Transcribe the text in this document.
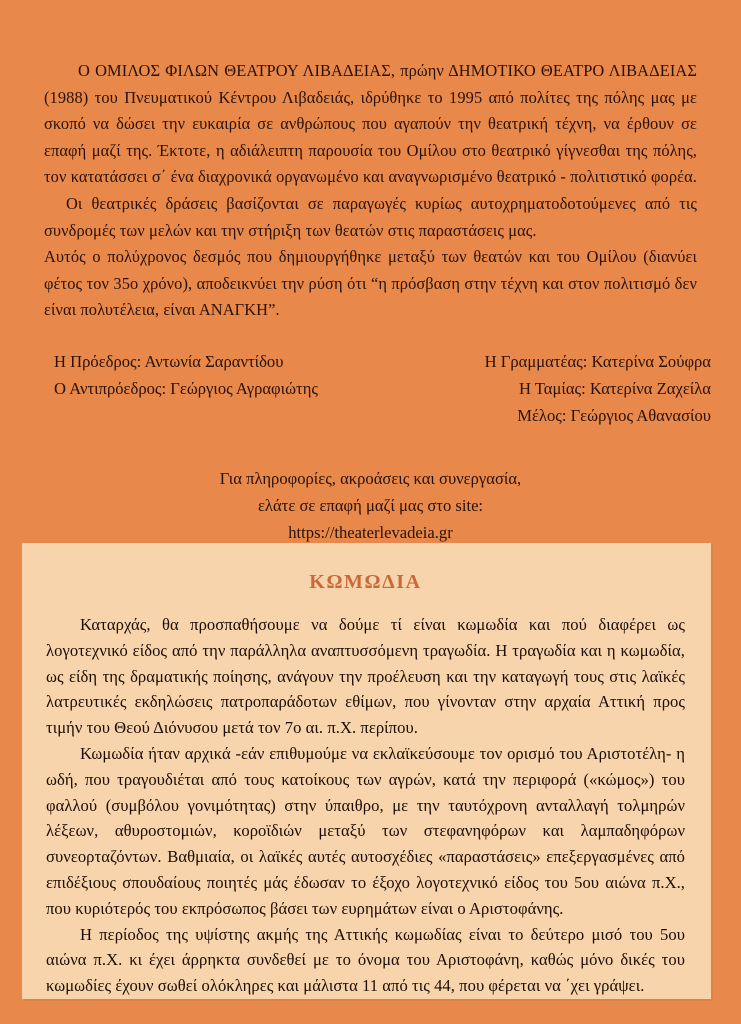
Ο ΟΜΙΛΟΣ ΦΙΛΩΝ ΘΕΑΤΡΟΥ ΛΙΒΑΔΕΙΑΣ, πρώην ΔΗΜΟΤΙΚΟ ΘΕΑΤΡΟ ΛΙΒΑΔΕΙΑΣ (1988) του Πνευματικού Κέντρου Λιβαδειάς, ιδρύθηκε το 1995 από πολίτες της πόλης μας με σκοπό να δώσει την ευκαιρία σε ανθρώπους που αγαπούν την θεατρική τέχνη, να έρθουν σε επαφή μαζί της. Έκτοτε, η αδιάλειπτη παρουσία του Ομίλου στο θεατρικό γίγνεσθαι της πόλης, τον κατατάσσει σ΄ ένα διαχρονικά οργανωμένο και αναγνωρισμένο θεατρικό - πολιτιστικό φορέα.

Οι θεατρικές δράσεις βασίζονται σε παραγωγές κυρίως αυτοχρηματοδοτούμενες από τις συνδρομές των μελών και την στήριξη των θεατών στις παραστάσεις μας.

Αυτός ο πολύχρονος δεσμός που δημιουργήθηκε μεταξύ των θεατών και του Ομίλου (διανύει φέτος τον 35ο χρόνο), αποδεικνύει την ρύση ότι “η πρόσβαση στην τέχνη και στον πολιτισμό δεν είναι πολυτέλεια, είναι ΑΝΑΓΚΗ”.

Η Πρόεδρος: Αντωνία Σαραντίδου
Ο Αντιπρόεδρος: Γεώργιος Αγραφιώτης
Η Γραμματέας: Κατερίνα Σούφρα
Η Ταμίας: Κατερίνα Ζαχείλα
Μέλος: Γεώργιος Αθανασίου
Για πληροφορίες, ακροάσεις και συνεργασία,
ελάτε σε επαφή μαζί μας στο site:
https://theaterlevadeia.gr
ΚΩΜΩΔΙΑ

Καταρχάς, θα προσπαθήσουμε να δούμε τί είναι κωμωδία και πού διαφέρει ως λογοτεχνικό είδος από την παράλληλα αναπτυσσόμενη τραγωδία. Η τραγωδία και η κωμωδία, ως είδη της δραματικής ποίησης, ανάγουν την προέλευση και την καταγωγή τους στις λαϊκές λατρευτικές εκδηλώσεις πατροπαράδοτων εθίμων, που γίνονταν στην αρχαία Αττική προς τιμήν του Θεού Διόνυσου μετά τον 7ο αι. π.Χ. περίπου.

Κωμωδία ήταν αρχικά -εάν επιθυμούμε να εκλαϊκεύσουμε τον ορισμό του Αριστοτέλη- η ωδή, που τραγουδιέται από τους κατοίκους των αγρών, κατά την περιφορά («κώμος») του φαλλού (συμβόλου γονιμότητας) στην ύπαιθρο, με την ταυτόχρονη ανταλλαγή τολμηρών λέξεων, αθυροστομιών, κοροϊδιών μεταξύ των στεφανηφόρων και λαμπαδηφόρων συνεορταζόντων. Βαθμιαία, οι λαϊκές αυτές αυτοσχέδιες «παραστάσεις» επεξεργασμένες από επιδέξιους σπουδαίους ποιητές μάς έδωσαν το έξοχο λογοτεχνικό είδος του 5ου αιώνα π.Χ., που κυριότερός του εκπρόσωπος βάσει των ευρημάτων είναι ο Αριστοφάνης.

Η περίοδος της υψίστης ακμής της Αττικής κωμωδίας είναι το δεύτερο μισό του 5ου αιώνα π.Χ. κι έχει άρρηκτα συνδεθεί με το όνομα του Αριστοφάνη, καθώς μόνο δικές του κωμωδίες έχουν σωθεί ολόκληρες και μάλιστα 11 από τις 44, που φέρεται να ΄χει γράψει.
